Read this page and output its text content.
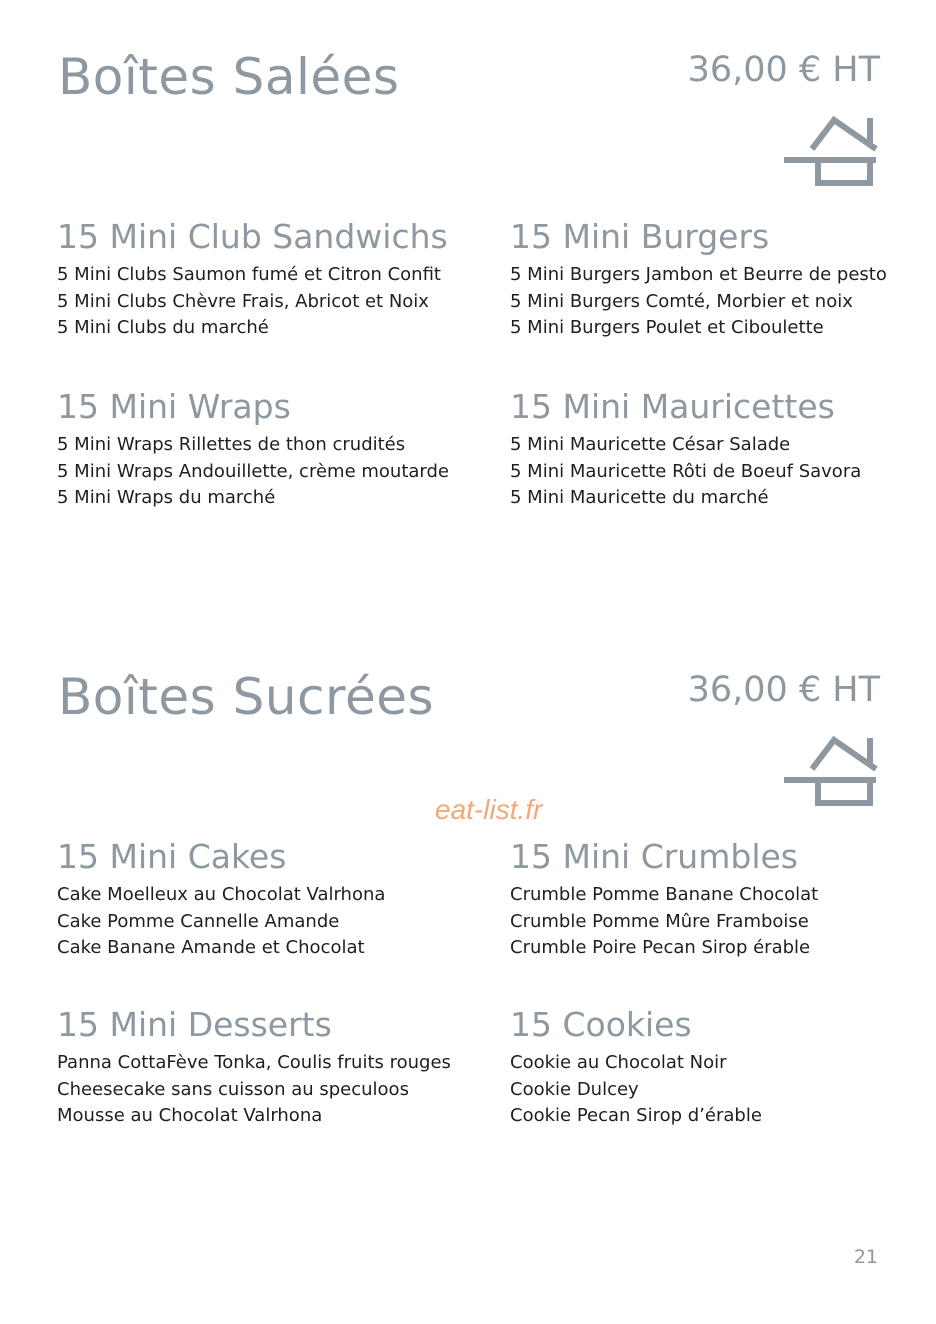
Boîtes Salées	36,00 € HT
15 Mini Club Sandwichs
5 Mini Clubs Saumon fumé et Citron Confit
5 Mini Clubs Chèvre Frais, Abricot et Noix
5 Mini Clubs du marché
15 Mini Burgers
5 Mini Burgers Jambon et Beurre de pesto
5 Mini Burgers Comté, Morbier et noix
5 Mini Burgers Poulet et Ciboulette
15 Mini Wraps
5 Mini Wraps Rillettes de thon crudités
5 Mini Wraps Andouillette, crème moutarde
5 Mini Wraps du marché
15 Mini Mauricettes
5 Mini Mauricette César Salade
5 Mini Mauricette Rôti de Boeuf Savora
5 Mini Mauricette du marché
Boîtes Sucrées	36,00 € HT
eat-list.fr
15 Mini Cakes
Cake Moelleux au Chocolat Valrhona
Cake Pomme Cannelle Amande
Cake Banane Amande et Chocolat
15 Mini Crumbles
Crumble Pomme Banane Chocolat
Crumble Pomme Mûre Framboise
Crumble Poire Pecan Sirop érable
15 Mini Desserts
Panna CottaFève Tonka, Coulis fruits rouges
Cheesecake sans cuisson au speculoos
Mousse au Chocolat Valrhona
15 Cookies
Cookie au Chocolat Noir
Cookie Dulcey
Cookie Pecan Sirop d’érable
21
